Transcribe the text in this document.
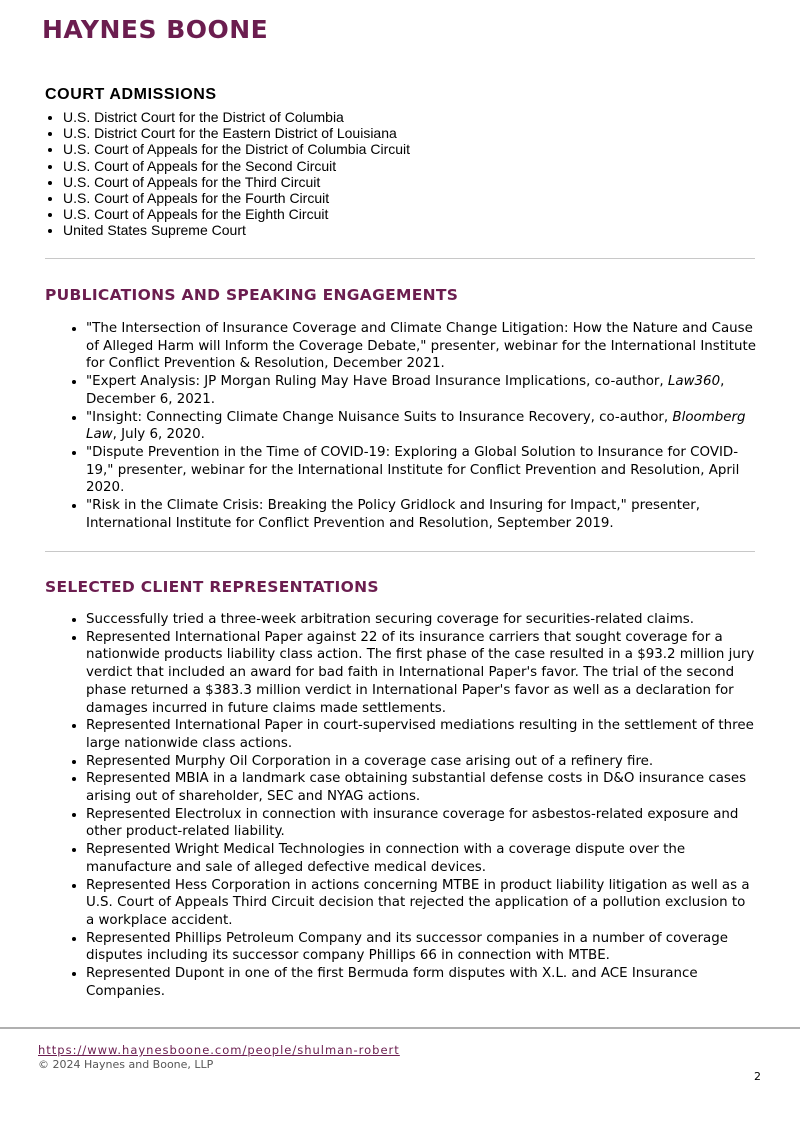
HAYNES BOONE
COURT ADMISSIONS
• U.S. District Court for the District of Columbia
• U.S. District Court for the Eastern District of Louisiana
• U.S. Court of Appeals for the District of Columbia Circuit
• U.S. Court of Appeals for the Second Circuit
• U.S. Court of Appeals for the Third Circuit
• U.S. Court of Appeals for the Fourth Circuit
• U.S. Court of Appeals for the Eighth Circuit
• United States Supreme Court
PUBLICATIONS AND SPEAKING ENGAGEMENTS
• "The Intersection of Insurance Coverage and Climate Change Litigation: How the Nature and Cause of Alleged Harm will Inform the Coverage Debate," presenter, webinar for the International Institute for Conflict Prevention & Resolution, December 2021.
• "Expert Analysis: JP Morgan Ruling May Have Broad Insurance Implications, co-author, Law360, December 6, 2021.
• "Insight: Connecting Climate Change Nuisance Suits to Insurance Recovery, co-author, Bloomberg Law, July 6, 2020.
• "Dispute Prevention in the Time of COVID-19: Exploring a Global Solution to Insurance for COVID-19," presenter, webinar for the International Institute for Conflict Prevention and Resolution, April 2020.
• "Risk in the Climate Crisis: Breaking the Policy Gridlock and Insuring for Impact," presenter, International Institute for Conflict Prevention and Resolution, September 2019.
SELECTED CLIENT REPRESENTATIONS
• Successfully tried a three-week arbitration securing coverage for securities-related claims.
• Represented International Paper against 22 of its insurance carriers that sought coverage for a nationwide products liability class action. The first phase of the case resulted in a $93.2 million jury verdict that included an award for bad faith in International Paper's favor. The trial of the second phase returned a $383.3 million verdict in International Paper's favor as well as a declaration for damages incurred in future claims made settlements.
• Represented International Paper in court-supervised mediations resulting in the settlement of three large nationwide class actions.
• Represented Murphy Oil Corporation in a coverage case arising out of a refinery fire.
• Represented MBIA in a landmark case obtaining substantial defense costs in D&O insurance cases arising out of shareholder, SEC and NYAG actions.
• Represented Electrolux in connection with insurance coverage for asbestos-related exposure and other product-related liability.
• Represented Wright Medical Technologies in connection with a coverage dispute over the manufacture and sale of alleged defective medical devices.
• Represented Hess Corporation in actions concerning MTBE in product liability litigation as well as a U.S. Court of Appeals Third Circuit decision that rejected the application of a pollution exclusion to a workplace accident.
• Represented Phillips Petroleum Company and its successor companies in a number of coverage disputes including its successor company Phillips 66 in connection with MTBE.
• Represented Dupont in one of the first Bermuda form disputes with X.L. and ACE Insurance Companies.
https://www.haynesboone.com/people/shulman-robert
© 2024 Haynes and Boone, LLP
2
